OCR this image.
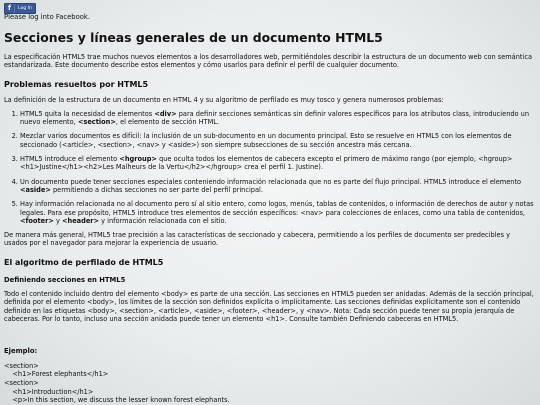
f	Log In
Please log into Facebook.
Secciones y líneas generales de un documento HTML5

La especificación HTML5 trae muchos nuevos elementos a los desarrolladores web, permitiéndoles describir la estructura de un documento web con semántica estandarizada. Este documento describe estos elementos y cómo usarlos para definir el perfil de cualquier documento.

Problemas resueltos por HTML5

La definición de la estructura de un documento en HTML 4 y su algoritmo de perfilado es muy tosco y genera numerosos problemas:

1. HTML5 quita la necesidad de elementos <div> para definir secciones semánticas sin definir valores específicos para los atributos class, introduciendo un nuevo elemento, <section>, el elemento de sección HTML.
2. Mezclar varios documentos es difícil: la inclusión de un sub-documento en un documento principal. Esto se resuelve en HTML5 con los elementos de seccionado (<article>, <section>, <nav> y <aside>) son siempre subsecciones de su sección ancestra más cercana.
3. HTML5 introduce el elemento <hgroup> que oculta todos los elementos de cabecera excepto el primero de máximo rango (por ejemplo, <hgroup><h1>Justine</h1><h2>Les Malheurs de la Vertu</h2></hgroup> crea el perfil 1. Justine).
4. Un documento puede tener secciones especiales conteniendo información relacionada que no es parte del flujo principal. HTML5 introduce el elemento <aside> permitiendo a dichas secciones no ser parte del perfil principal.
5. Hay información relacionada no al documento pero sí al sitio entero, como logos, menús, tablas de contenidos, o información de derechos de autor y notas legales. Para ese propósito, HTML5 introduce tres elementos de sección específicos: <nav> para colecciones de enlaces, como una tabla de contenidos, <footer> y <header> y información relacionada con el sitio.

De manera más general, HTML5 trae precisión a las características de seccionado y cabecera, permitiendo a los perfiles de documento ser predecibles y usados por el navegador para mejorar la experiencia de usuario.

El algoritmo de perfilado de HTML5
Definiendo secciones en HTML5

Todo el contenido incluido dentro del elemento <body> es parte de una sección. Las secciones en HTML5 pueden ser anidadas. Además de la sección principal, definida por el elemento <body>, los límites de la sección son definidos explícita o implícitamente. Las secciones definidas explícitamente son el contenido definido en las etiquetas <body>, <section>, <article>, <aside>, <footer>, <header>, y <nav>. Nota: Cada sección puede tener su propia jerarquía de cabeceras. Por lo tanto, incluso una sección anidada puede tener un elemento <h1>. Consulte también Definiendo cabeceras en HTML5.

Ejemplo:
<section>
<h1>Forest elephants</h1>
<section>
<h1>Introduction</h1>
<p>In this section, we discuss the lesser known forest elephants.
